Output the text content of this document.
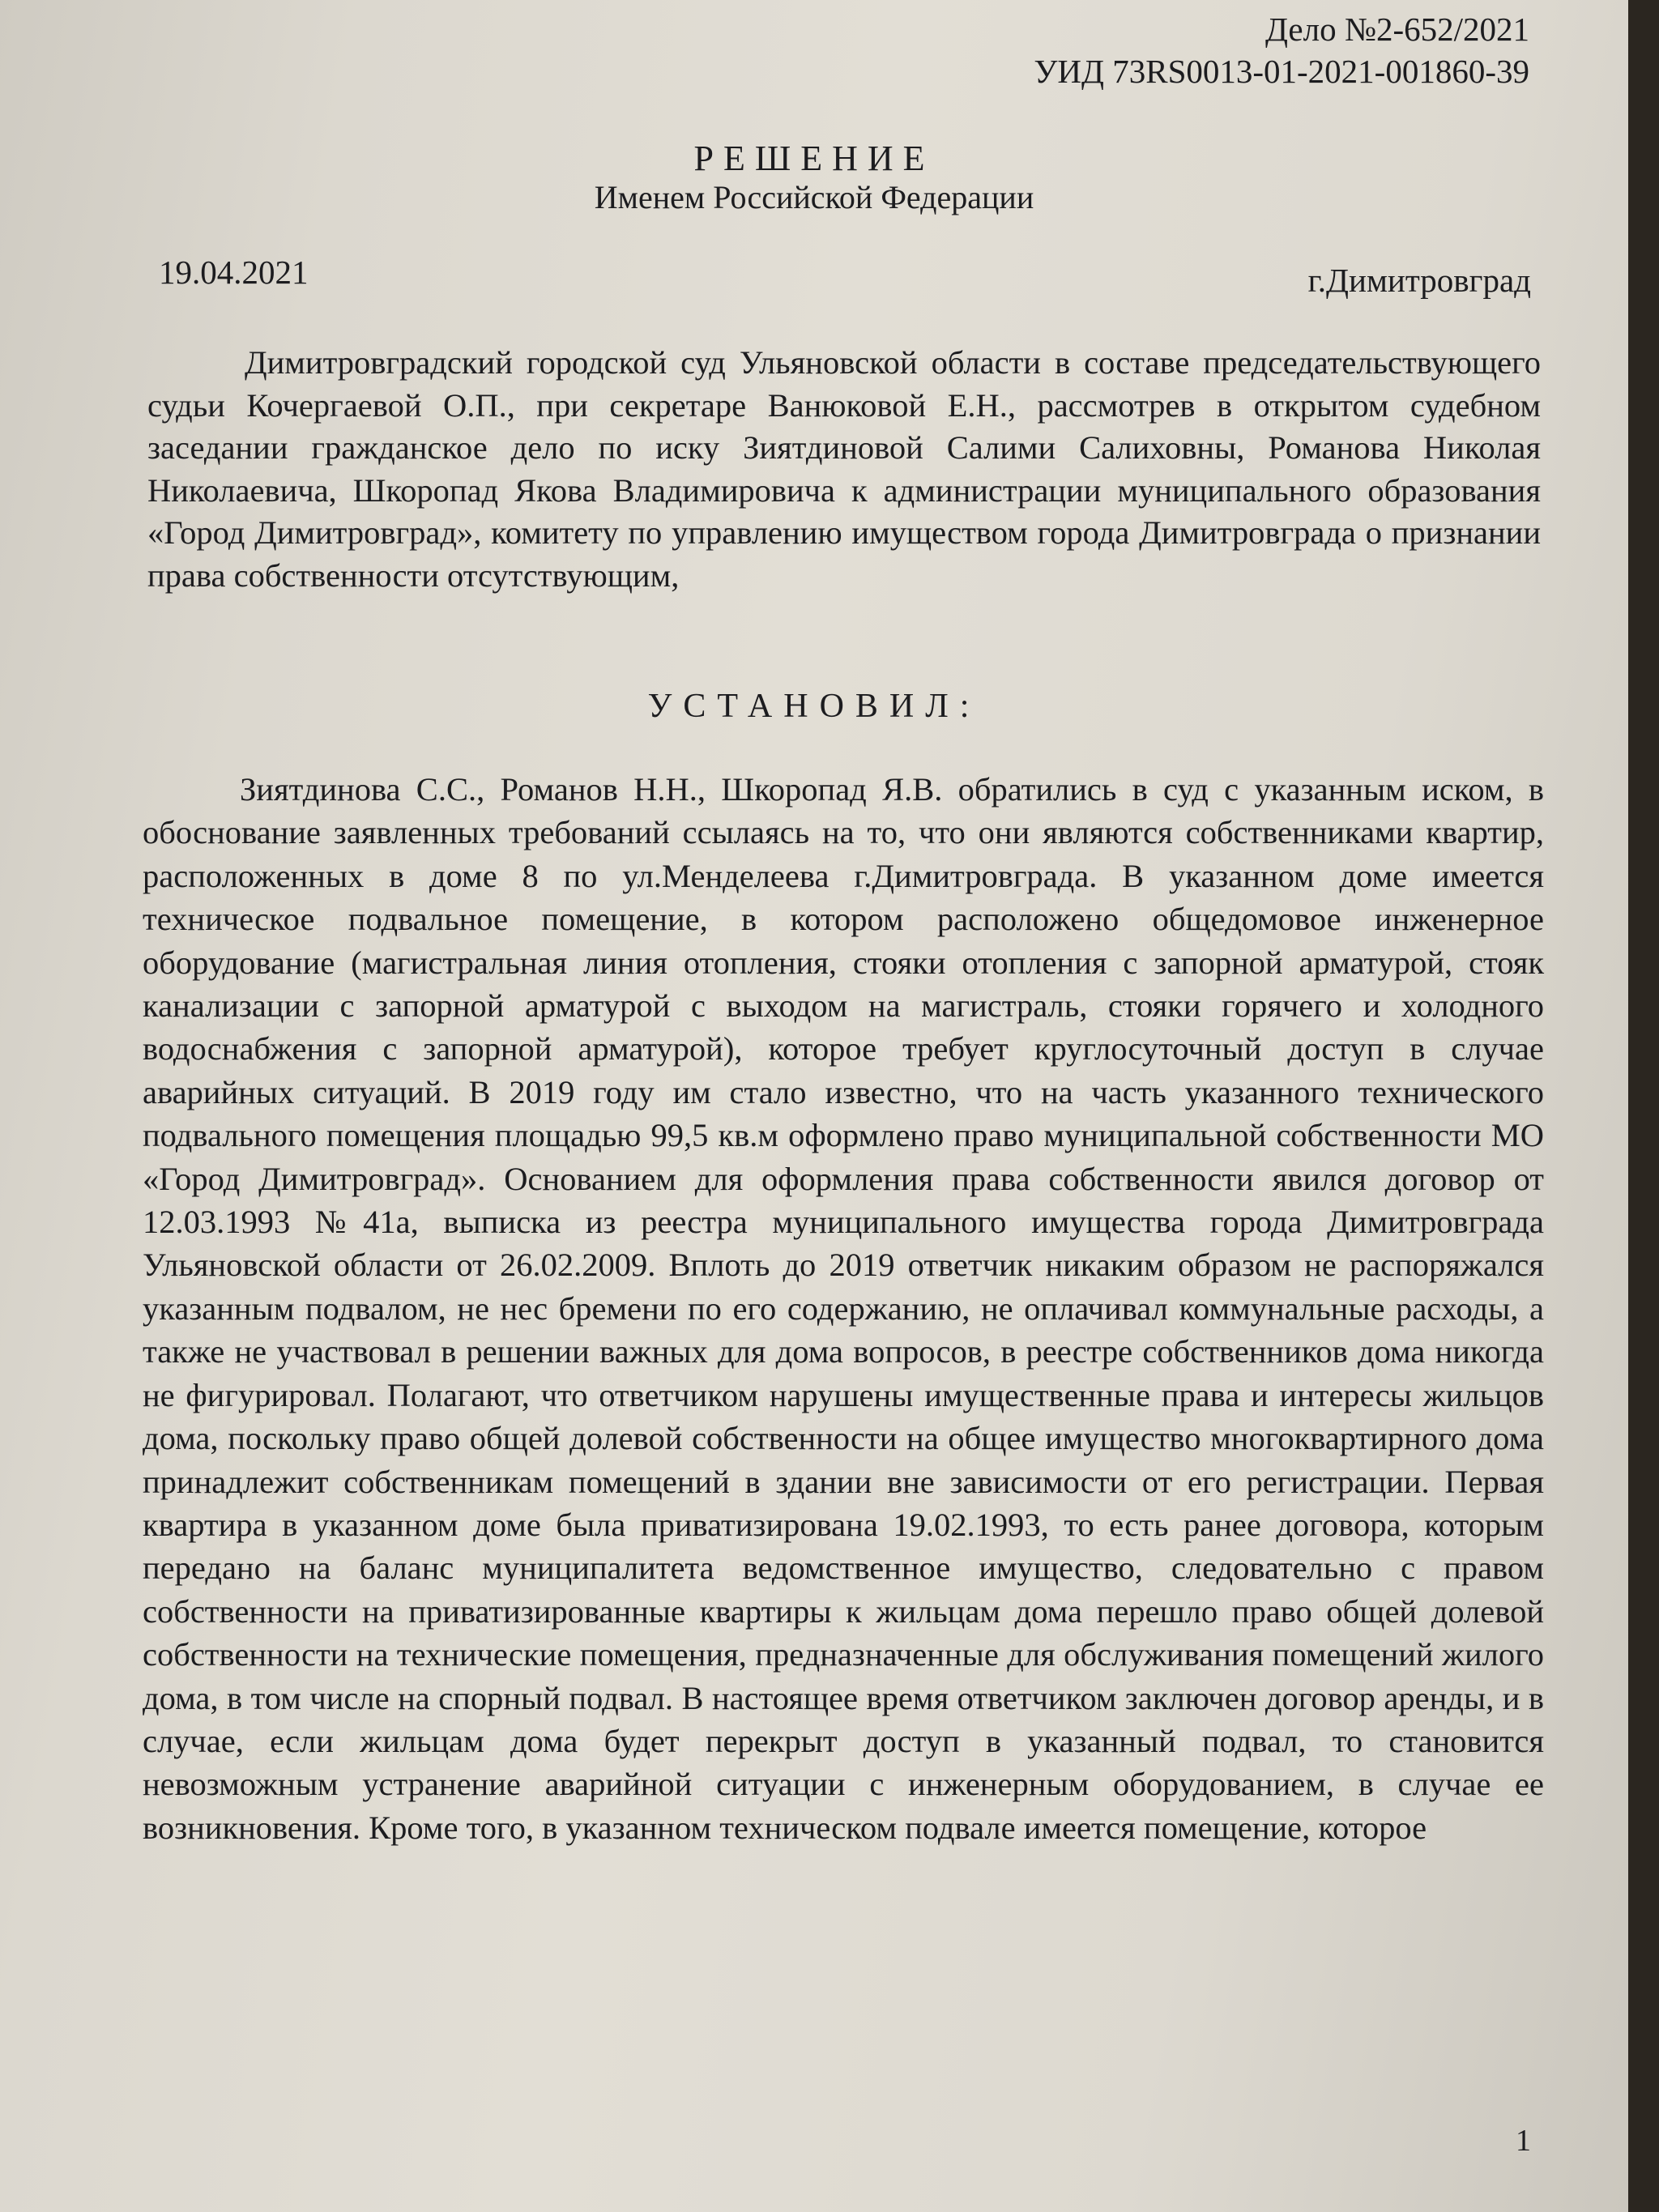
Дело №2-652/2021
УИД 73RS0013-01-2021-001860-39
РЕШЕНИЕ
Именем Российской Федерации
19.04.2021	г.Димитровград
Димитровградский городской суд Ульяновской области в составе председательствующего судьи Кочергаевой О.П., при секретаре Ванюковой Е.Н., рассмотрев в открытом судебном заседании гражданское дело по иску Зиятдиновой Салими Салиховны, Романова Николая Николаевича, Шкоропад Якова Владимировича к администрации муниципального образования «Город Димитровград», комитету по управлению имуществом города Димитровграда о признании права собственности отсутствующим,
УСТАНОВИЛ:
Зиятдинова С.С., Романов Н.Н., Шкоропад Я.В. обратились в суд с указанным иском, в обоснование заявленных требований ссылаясь на то, что они являются собственниками квартир, расположенных в доме 8 по ул.Менделеева г.Димитровграда. В указанном доме имеется техническое подвальное помещение, в котором расположено общедомовое инженерное оборудование (магистральная линия отопления, стояки отопления с запорной арматурой, стояк канализации с запорной арматурой с выходом на магистраль, стояки горячего и холодного водоснабжения с запорной арматурой), которое требует круглосуточный доступ в случае аварийных ситуаций. В 2019 году им стало известно, что на часть указанного технического подвального помещения площадью 99,5 кв.м оформлено право муниципальной собственности МО «Город Димитровград». Основанием для оформления права собственности явился договор от 12.03.1993 №41а, выписка из реестра муниципального имущества города Димитровграда Ульяновской области от 26.02.2009. Вплоть до 2019 ответчик никаким образом не распоряжался указанным подвалом, не нес бремени по его содержанию, не оплачивал коммунальные расходы, а также не участвовал в решении важных для дома вопросов, в реестре собственников дома никогда не фигурировал. Полагают, что ответчиком нарушены имущественные права и интересы жильцов дома, поскольку право общей долевой собственности на общее имущество многоквартирного дома принадлежит собственникам помещений в здании вне зависимости от его регистрации. Первая квартира в указанном доме была приватизирована 19.02.1993, то есть ранее договора, которым передано на баланс муниципалитета ведомственное имущество, следовательно с правом собственности на приватизированные квартиры к жильцам дома перешло право общей долевой собственности на технические помещения, предназначенные для обслуживания помещений жилого дома, в том числе на спорный подвал. В настоящее время ответчиком заключен договор аренды, и в случае, если жильцам дома будет перекрыт доступ в указанный подвал, то становится невозможным устранение аварийной ситуации с инженерным оборудованием, в случае ее возникновения. Кроме того, в указанном техническом подвале имеется помещение, которое
1
